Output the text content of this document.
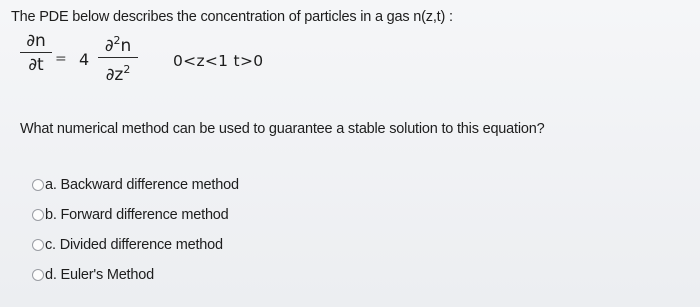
The PDE below describes the concentration of particles in a gas n(z,t) :
∂n
∂t = 4
∂$^2$n
$\partial z^2$	0<z<1 t>0
What numerical method can be used to guarantee a stable solution to this equation?
a. Backward difference method
b. Forward difference method
c. Divided difference method
d. Euler's Method
